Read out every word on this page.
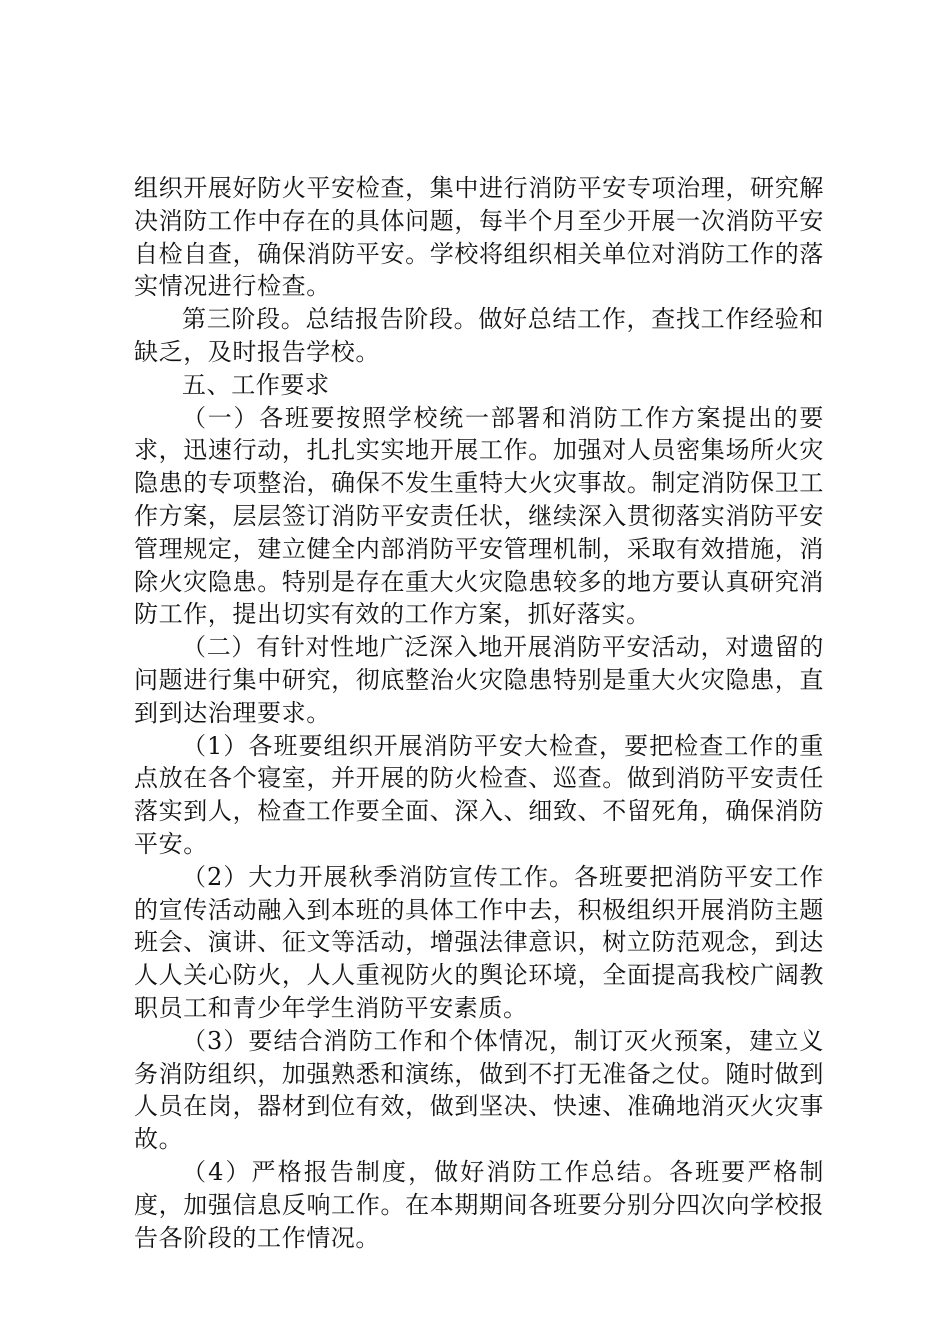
组织开展好防火平安检查，集中进行消防平安专项治理，研究解决消防工作中存在的具体问题，每半个月至少开展一次消防平安自检自查，确保消防平安。学校将组织相关单位对消防工作的落实情况进行检查。

第三阶段。总结报告阶段。做好总结工作，查找工作经验和缺乏，及时报告学校。

五、工作要求

（一）各班要按照学校统一部署和消防工作方案提出的要求，迅速行动，扎扎实实地开展工作。加强对人员密集场所火灾隐患的专项整治，确保不发生重特大火灾事故。制定消防保卫工作方案，层层签订消防平安责任状，继续深入贯彻落实消防平安管理规定，建立健全内部消防平安管理机制，采取有效措施，消除火灾隐患。特别是存在重大火灾隐患较多的地方要认真研究消防工作，提出切实有效的工作方案，抓好落实。

（二）有针对性地广泛深入地开展消防平安活动，对遗留的问题进行集中研究，彻底整治火灾隐患特别是重大火灾隐患，直到到达治理要求。

（1）各班要组织开展消防平安大检查，要把检查工作的重点放在各个寝室，并开展的防火检查、巡查。做到消防平安责任落实到人，检查工作要全面、深入、细致、不留死角，确保消防平安。

（2）大力开展秋季消防宣传工作。各班要把消防平安工作的宣传活动融入到本班的具体工作中去，积极组织开展消防主题班会、演讲、征文等活动，增强法律意识，树立防范观念，到达人人关心防火，人人重视防火的舆论环境，全面提高我校广阔教职员工和青少年学生消防平安素质。

（3）要结合消防工作和个体情况，制订灭火预案，建立义务消防组织，加强熟悉和演练，做到不打无准备之仗。随时做到人员在岗，器材到位有效，做到坚决、快速、准确地消灭火灾事故。

（4）严格报告制度，做好消防工作总结。各班要严格制度，加强信息反响工作。在本期期间各班要分别分四次向学校报告各阶段的工作情况。
